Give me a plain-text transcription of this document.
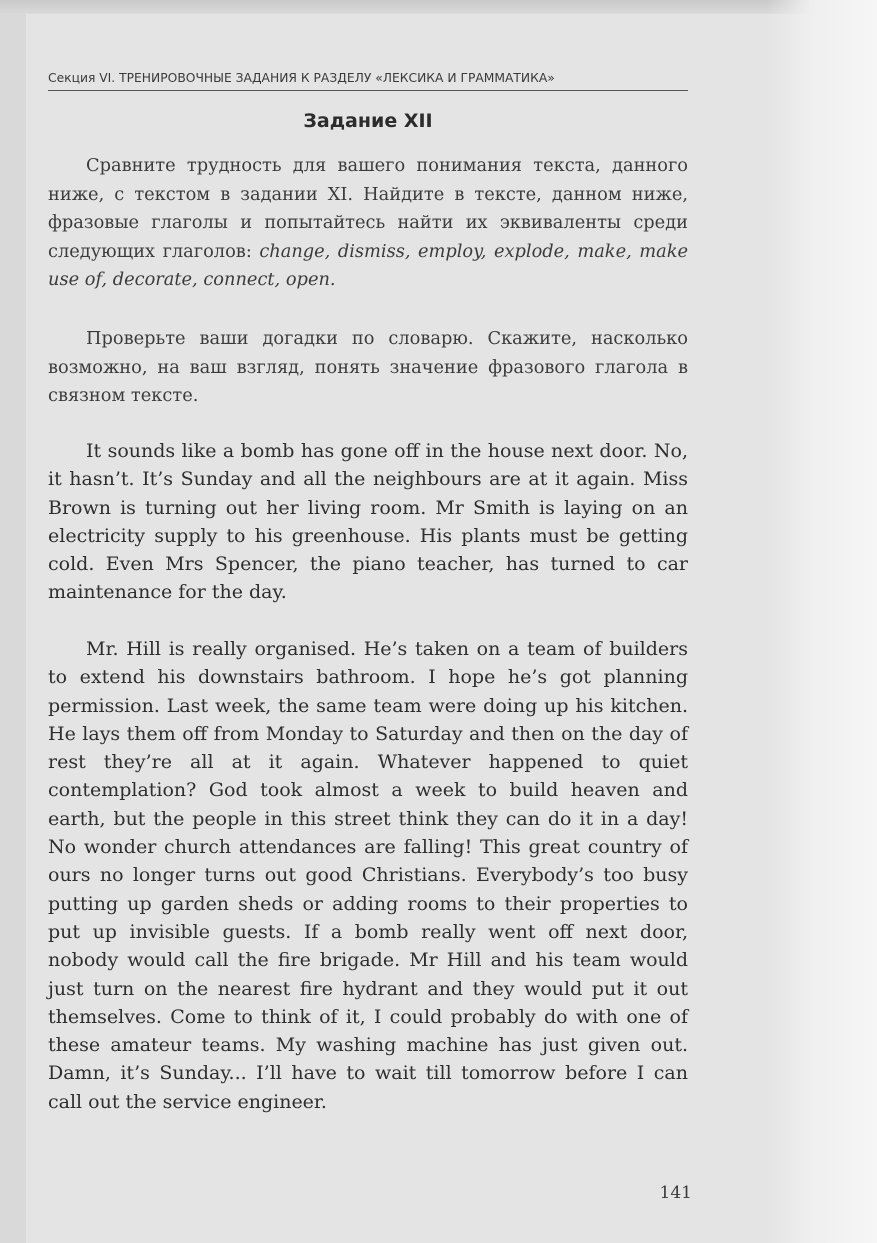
Секция VI. ТРЕНИРОВОЧНЫЕ ЗАДАНИЯ К РАЗДЕЛУ «ЛЕКСИКА И ГРАММАТИКА»
Задание XII

Сравните трудность для вашего понимания текста, данного ниже, с текстом в задании XI. Найдите в тексте, данном ниже, фразовые глаголы и попытайтесь найти их эквиваленты среди следующих глаголов: change, dismiss, employ, explode, make, make use of, decorate, connect, open.

Проверьте ваши догадки по словарю. Скажите, насколько возможно, на ваш взгляд, понять значение фразового глагола в связном тексте.

It sounds like a bomb has gone off in the house next door. No, it hasn’t. It’s Sunday and all the neighbours are at it again. Miss Brown is turning out her living room. Mr Smith is laying on an electricity supply to his greenhouse. His plants must be getting cold. Even Mrs Spencer, the piano teacher, has turned to car maintenance for the day.

Mr. Hill is really organised. He’s taken on a team of builders to extend his downstairs bathroom. I hope he’s got planning permission. Last week, the same team were doing up his kitchen. He lays them off from Monday to Saturday and then on the day of rest they’re all at it again. Whatever happened to quiet contemplation? God took almost a week to build heaven and earth, but the people in this street think they can do it in a day! No wonder church attendances are falling! This great country of ours no longer turns out good Christians. Everybody’s too busy putting up garden sheds or adding rooms to their properties to put up invisible guests. If a bomb really went off next door, nobody would call the fire brigade. Mr Hill and his team would just turn on the nearest fire hydrant and they would put it out themselves. Come to think of it, I could probably do with one of these amateur teams. My washing machine has just given out. Damn, it’s Sunday... I’ll have to wait till tomorrow before I can call out the service engineer.

141
